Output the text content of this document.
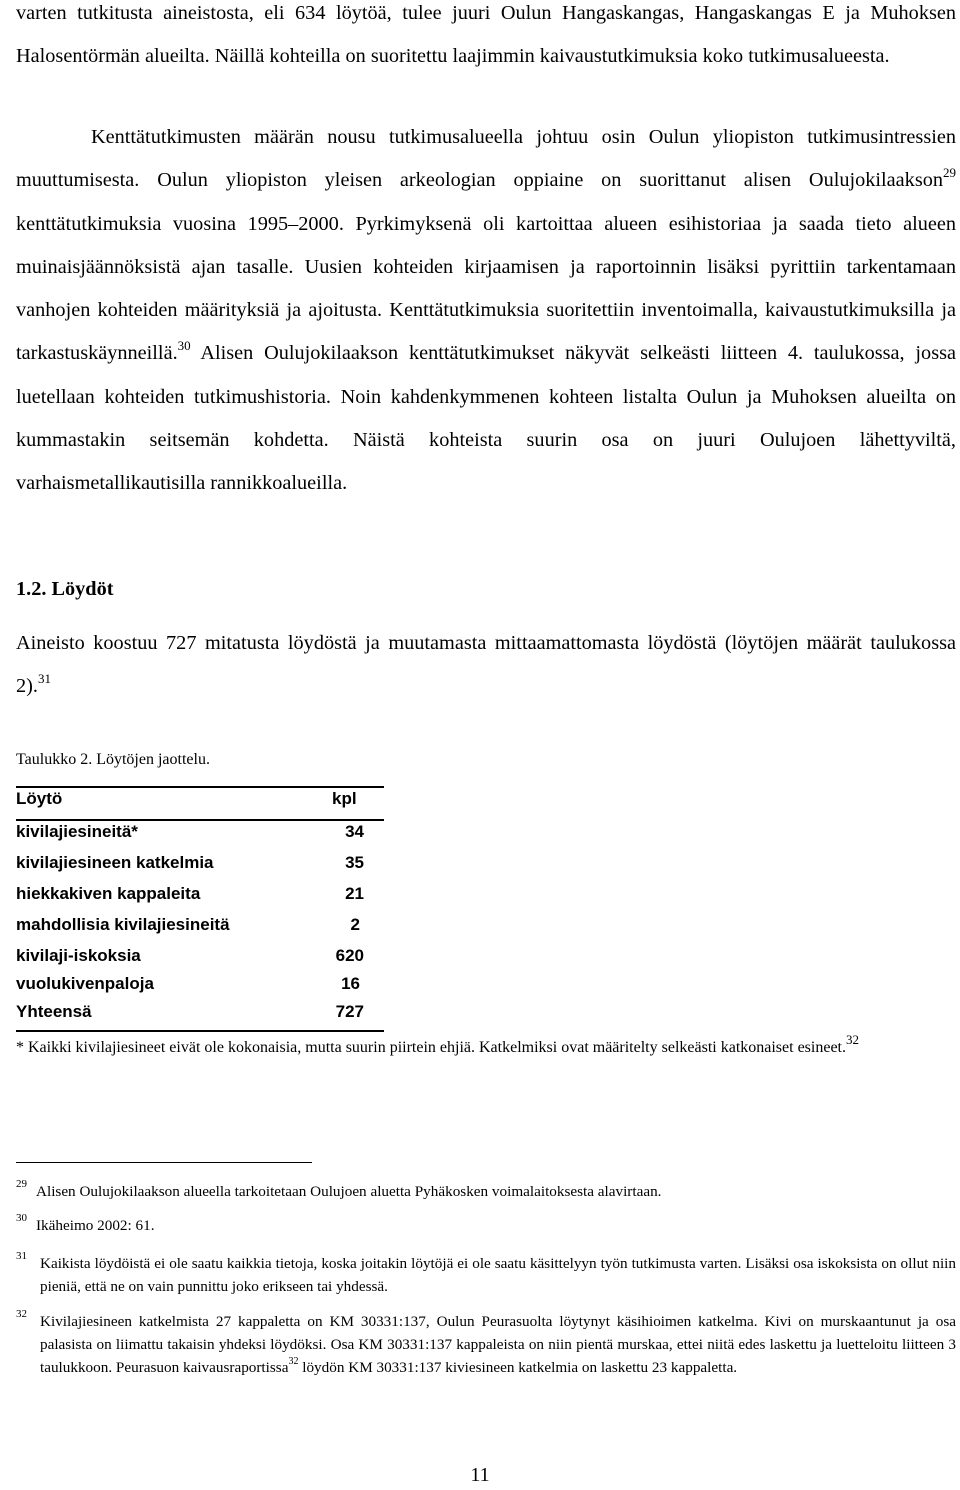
varten tutkitusta aineistosta, eli 634 löytöä, tulee juuri Oulun Hangaskangas, Hangaskangas E ja Muhoksen Halosentörmän alueilta. Näillä kohteilla on suoritettu laajimmin kaivaustutkimuksia koko tutkimusalueesta.
Kenttätutkimusten määrän nousu tutkimusalueella johtuu osin Oulun yliopiston tutkimusintressien muuttumisesta. Oulun yliopiston yleisen arkeologian oppiaine on suorittanut alisen Oulujokilaakson$^{29}$ kenttätutkimuksia vuosina 1995‒2000. Pyrkimyksenä oli kartoittaa alueen esihistoriaa ja saada tieto alueen muinaisjäännöksistä ajan tasalle. Uusien kohteiden kirjaamisen ja raportoinnin lisäksi pyrittiin tarkentamaan vanhojen kohteiden määrityksiä ja ajoitusta. Kenttätutkimuksia suoritettiin inventoimalla, kaivaustutkimuksilla ja tarkastuskäynneillä.$^{30}$ Alisen Oulujokilaakson kenttätutkimukset näkyvät selkeästi liitteen 4. taulukossa, jossa luetellaan kohteiden tutkimushistoria. Noin kahdenkymmenen kohteen listalta Oulun ja Muhoksen alueilta on kummastakin seitsemän kohdetta. Näistä kohteista suurin osa on juuri Oulujoen lähettyviltä, varhaismetallikautisilla rannikkoalueilla.
1.2. Löydöt
Aineisto koostuu 727 mitatusta löydöstä ja muutamasta mittaamattomasta löydöstä (löytöjen määrät taulukossa 2).$^{31}$
Taulukko 2. Löytöjen jaottelu.
Löytö	kpl
kivilajiesineitä*	34
kivilajiesineen katkelmia	35
hiekkakiven kappaleita	21
mahdollisia kivilajiesineitä	2
kivilaji-iskoksia	620
vuolukivenpaloja	16
Yhteensä	727
* Kaikki kivilajiesineet eivät ole kokonaisia, mutta suurin piirtein ehjiä. Katkelmiksi ovat määritelty selkeästi katkonaiset esineet.$^{32}$
29 Alisen Oulujokilaakson alueella tarkoitetaan Oulujoen aluetta Pyhäkosken voimalaitoksesta alavirtaan.
30 Ikäheimo 2002: 61.
31 Kaikista löydöistä ei ole saatu kaikkia tietoja, koska joitakin löytöjä ei ole saatu käsittelyyn työn tutkimusta varten. Lisäksi osa iskoksista on ollut niin pieniä, että ne on vain punnittu joko erikseen tai yhdessä.
32 Kivilajiesineen katkelmista 27 kappaletta on KM 30331:137, Oulun Peurasuolta löytynyt käsihioimen katkelma. Kivi on murskaantunut ja osa palasista on liimattu takaisin yhdeksi löydöksi. Osa KM 30331:137 kappaleista on niin pientä murskaa, ettei niitä edes laskettu ja luetteloitu liitteen 3 taulukkoon. Peurasuon kaivausraportissa$^{32}$ löydön KM 30331:137 kiviesineen katkelmia on laskettu 23 kappaletta.
11
